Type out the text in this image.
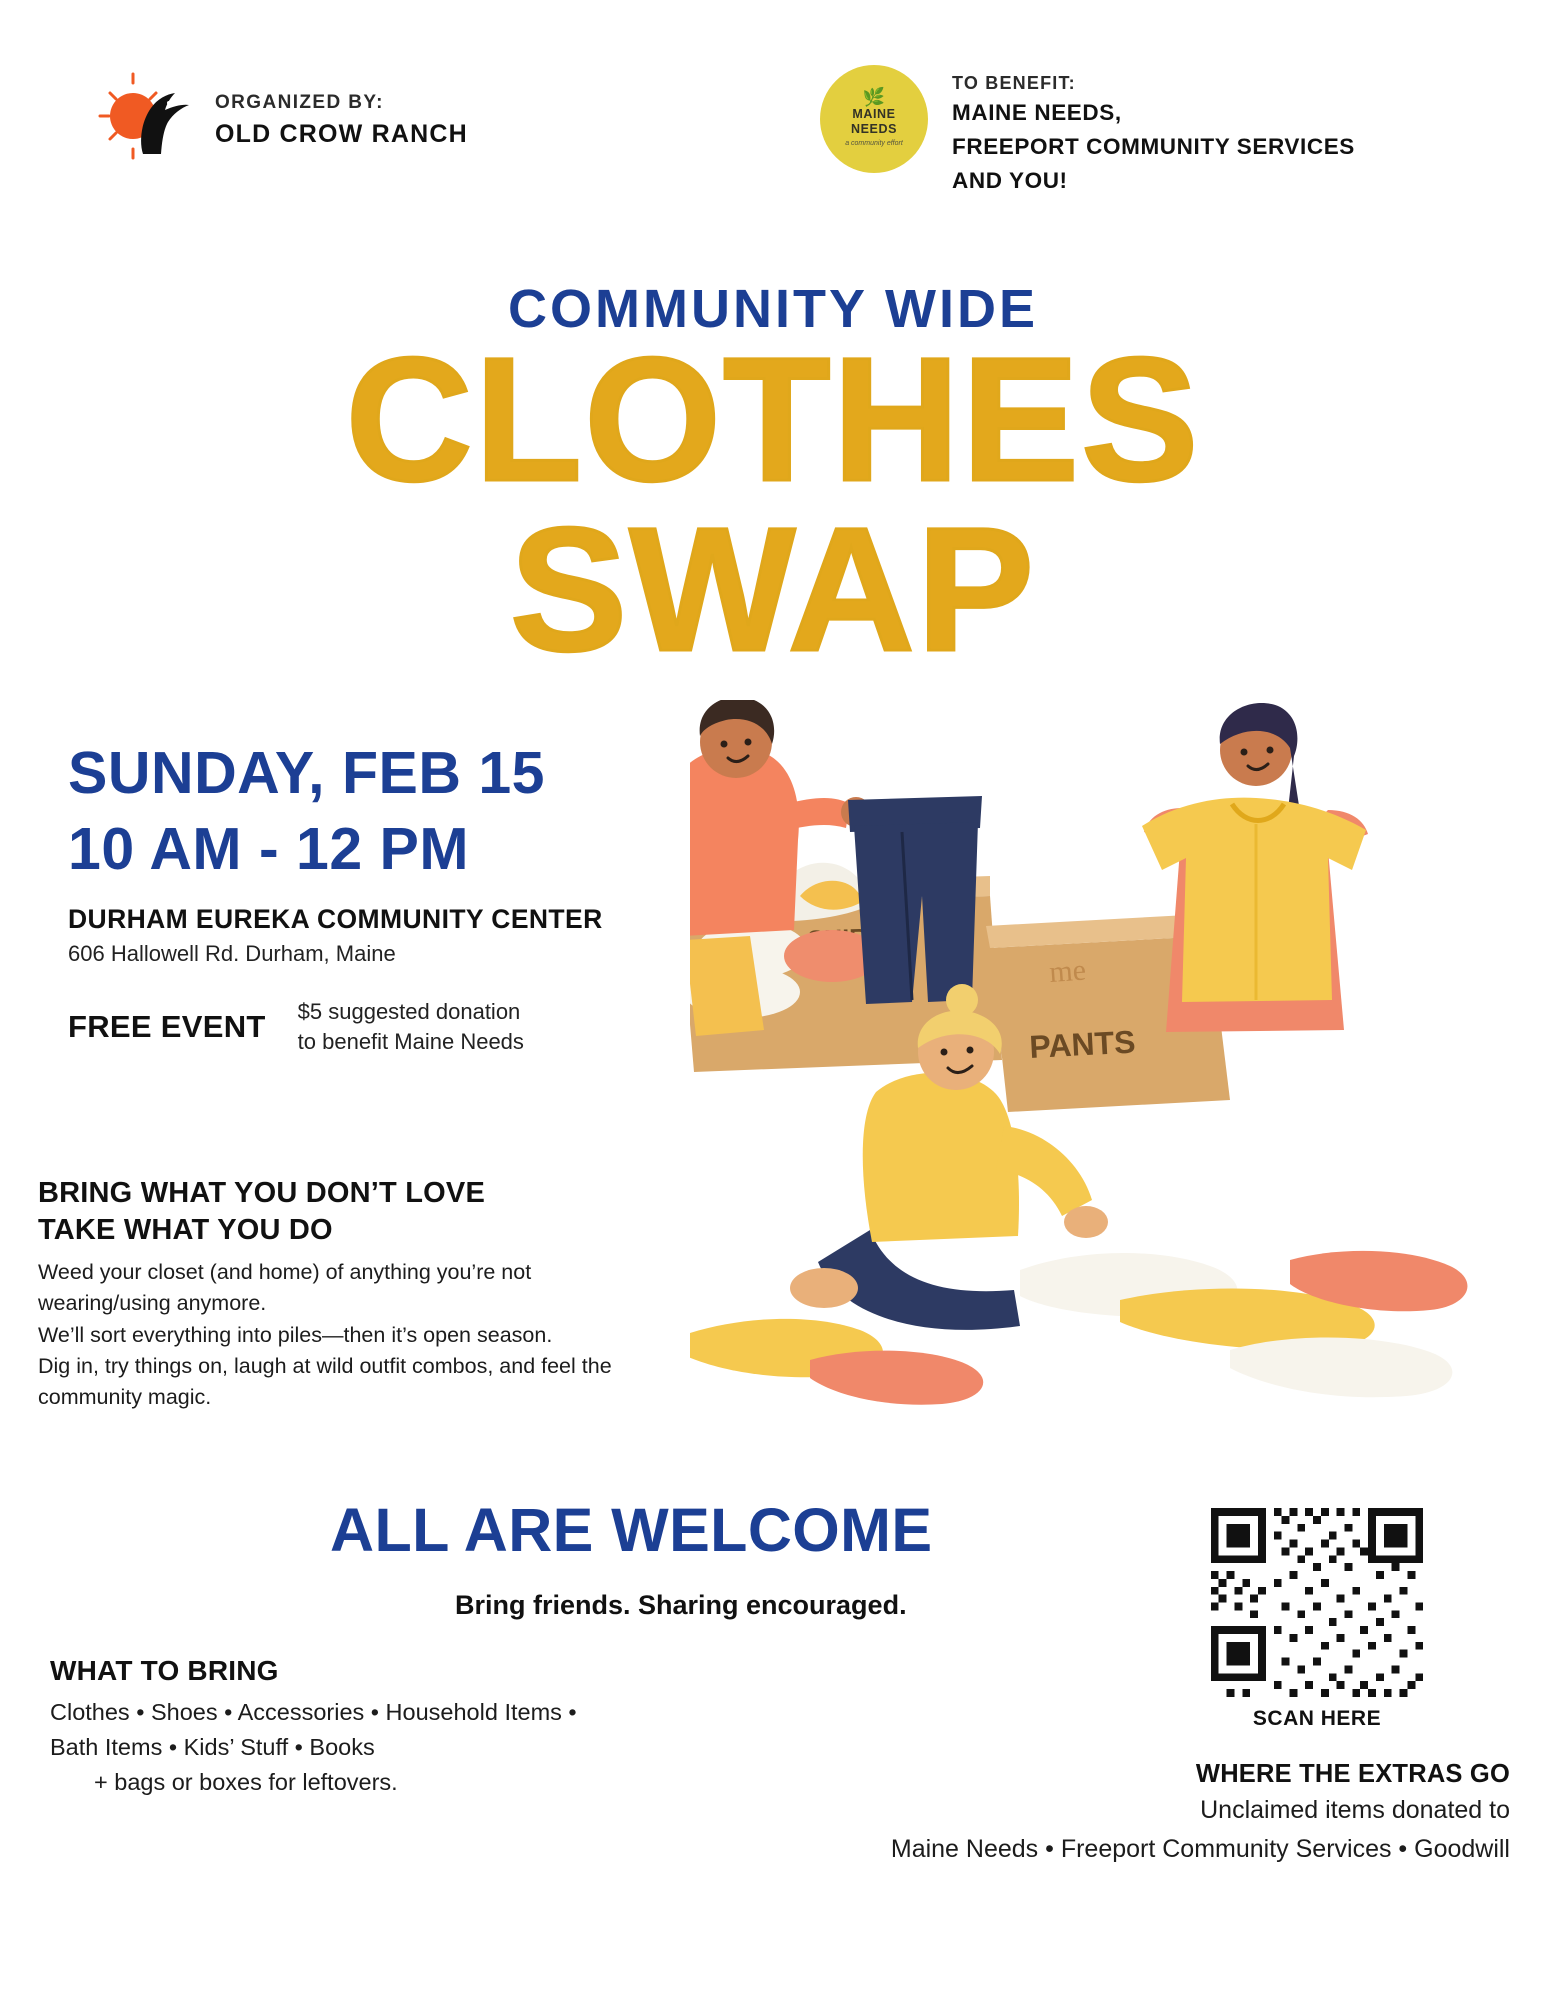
ORGANIZED BY:
OLD CROW RANCH
🌿
MAINE
NEEDS
a community effort
TO BENEFIT:
MAINE NEEDS,
FREEPORT COMMUNITY SERVICES
AND YOU!
COMMUNITY WIDE
CLOTHES
SWAP
SUNDAY, FEB 15
10 AM - 12 PM
DURHAM EUREKA COMMUNITY CENTER
606 Hallowell Rd. Durham, Maine
FREE EVENT $5 suggested donation
to benefit Maine Needs	PANTS
me
BRING WHAT YOU DON’T LOVE
TAKE WHAT YOU DO
Weed your closet (and home) of anything you’re not
wearing/using anymore.
We’ll sort everything into piles—then it’s open season.
Dig in, try things on, laugh at wild outfit combos, and feel the
community magic.
ALL ARE WELCOME
Bring friends. Sharing encouraged.
WHAT TO BRING
Clothes • Shoes • Accessories • Household Items •
Bath Items • Kids’ Stuff • Books
+ bags or boxes for leftovers.
SCAN HERE
WHERE THE EXTRAS GO
Unclaimed items donated to
Maine Needs • Freeport Community Services • Goodwill
